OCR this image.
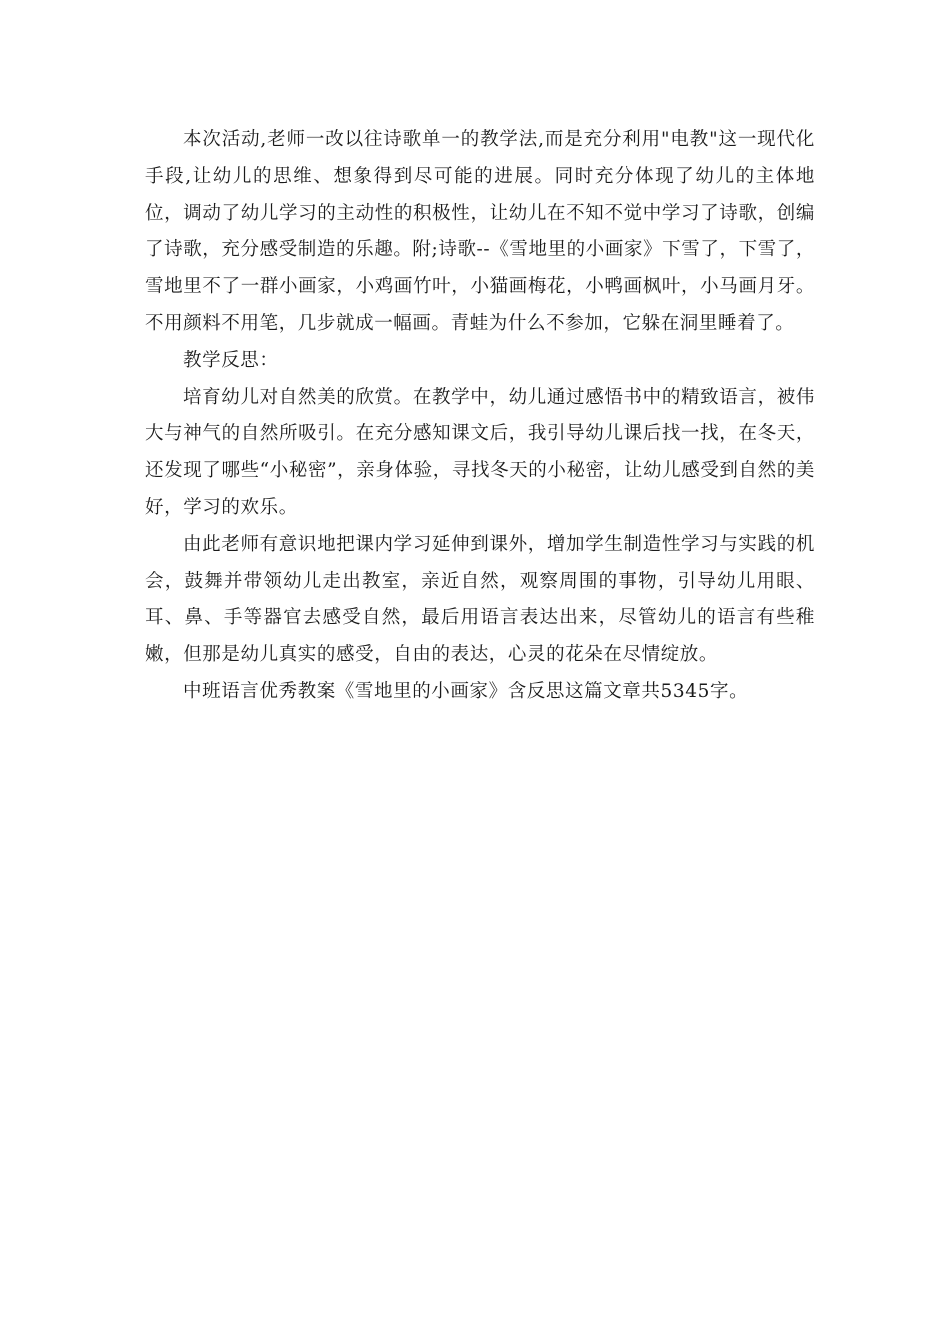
本次活动,老师一改以往诗歌单一的教学法,而是充分利用"电教"这一现代化手段,让幼儿的思维、想象得到尽可能的进展。同时充分体现了幼儿的主体地位，调动了幼儿学习的主动性的积极性，让幼儿在不知不觉中学习了诗歌，创编了诗歌，充分感受制造的乐趣。附;诗歌--《雪地里的小画家》下雪了，下雪了，雪地里不了一群小画家，小鸡画竹叶，小猫画梅花，小鸭画枫叶，小马画月牙。不用颜料不用笔，几步就成一幅画。青蛙为什么不参加，它躲在洞里睡着了。

教学反思：

培育幼儿对自然美的欣赏。在教学中，幼儿通过感悟书中的精致语言，被伟大与神气的自然所吸引。在充分感知课文后，我引导幼儿课后找一找，在冬天，还发现了哪些“小秘密”，亲身体验，寻找冬天的小秘密，让幼儿感受到自然的美好，学习的欢乐。

由此老师有意识地把课内学习延伸到课外，增加学生制造性学习与实践的机会，鼓舞并带领幼儿走出教室，亲近自然，观察周围的事物，引导幼儿用眼、耳、鼻、手等器官去感受自然，最后用语言表达出来，尽管幼儿的语言有些稚嫩，但那是幼儿真实的感受，自由的表达，心灵的花朵在尽情绽放。

中班语言优秀教案《雪地里的小画家》含反思这篇文章共5345字。
